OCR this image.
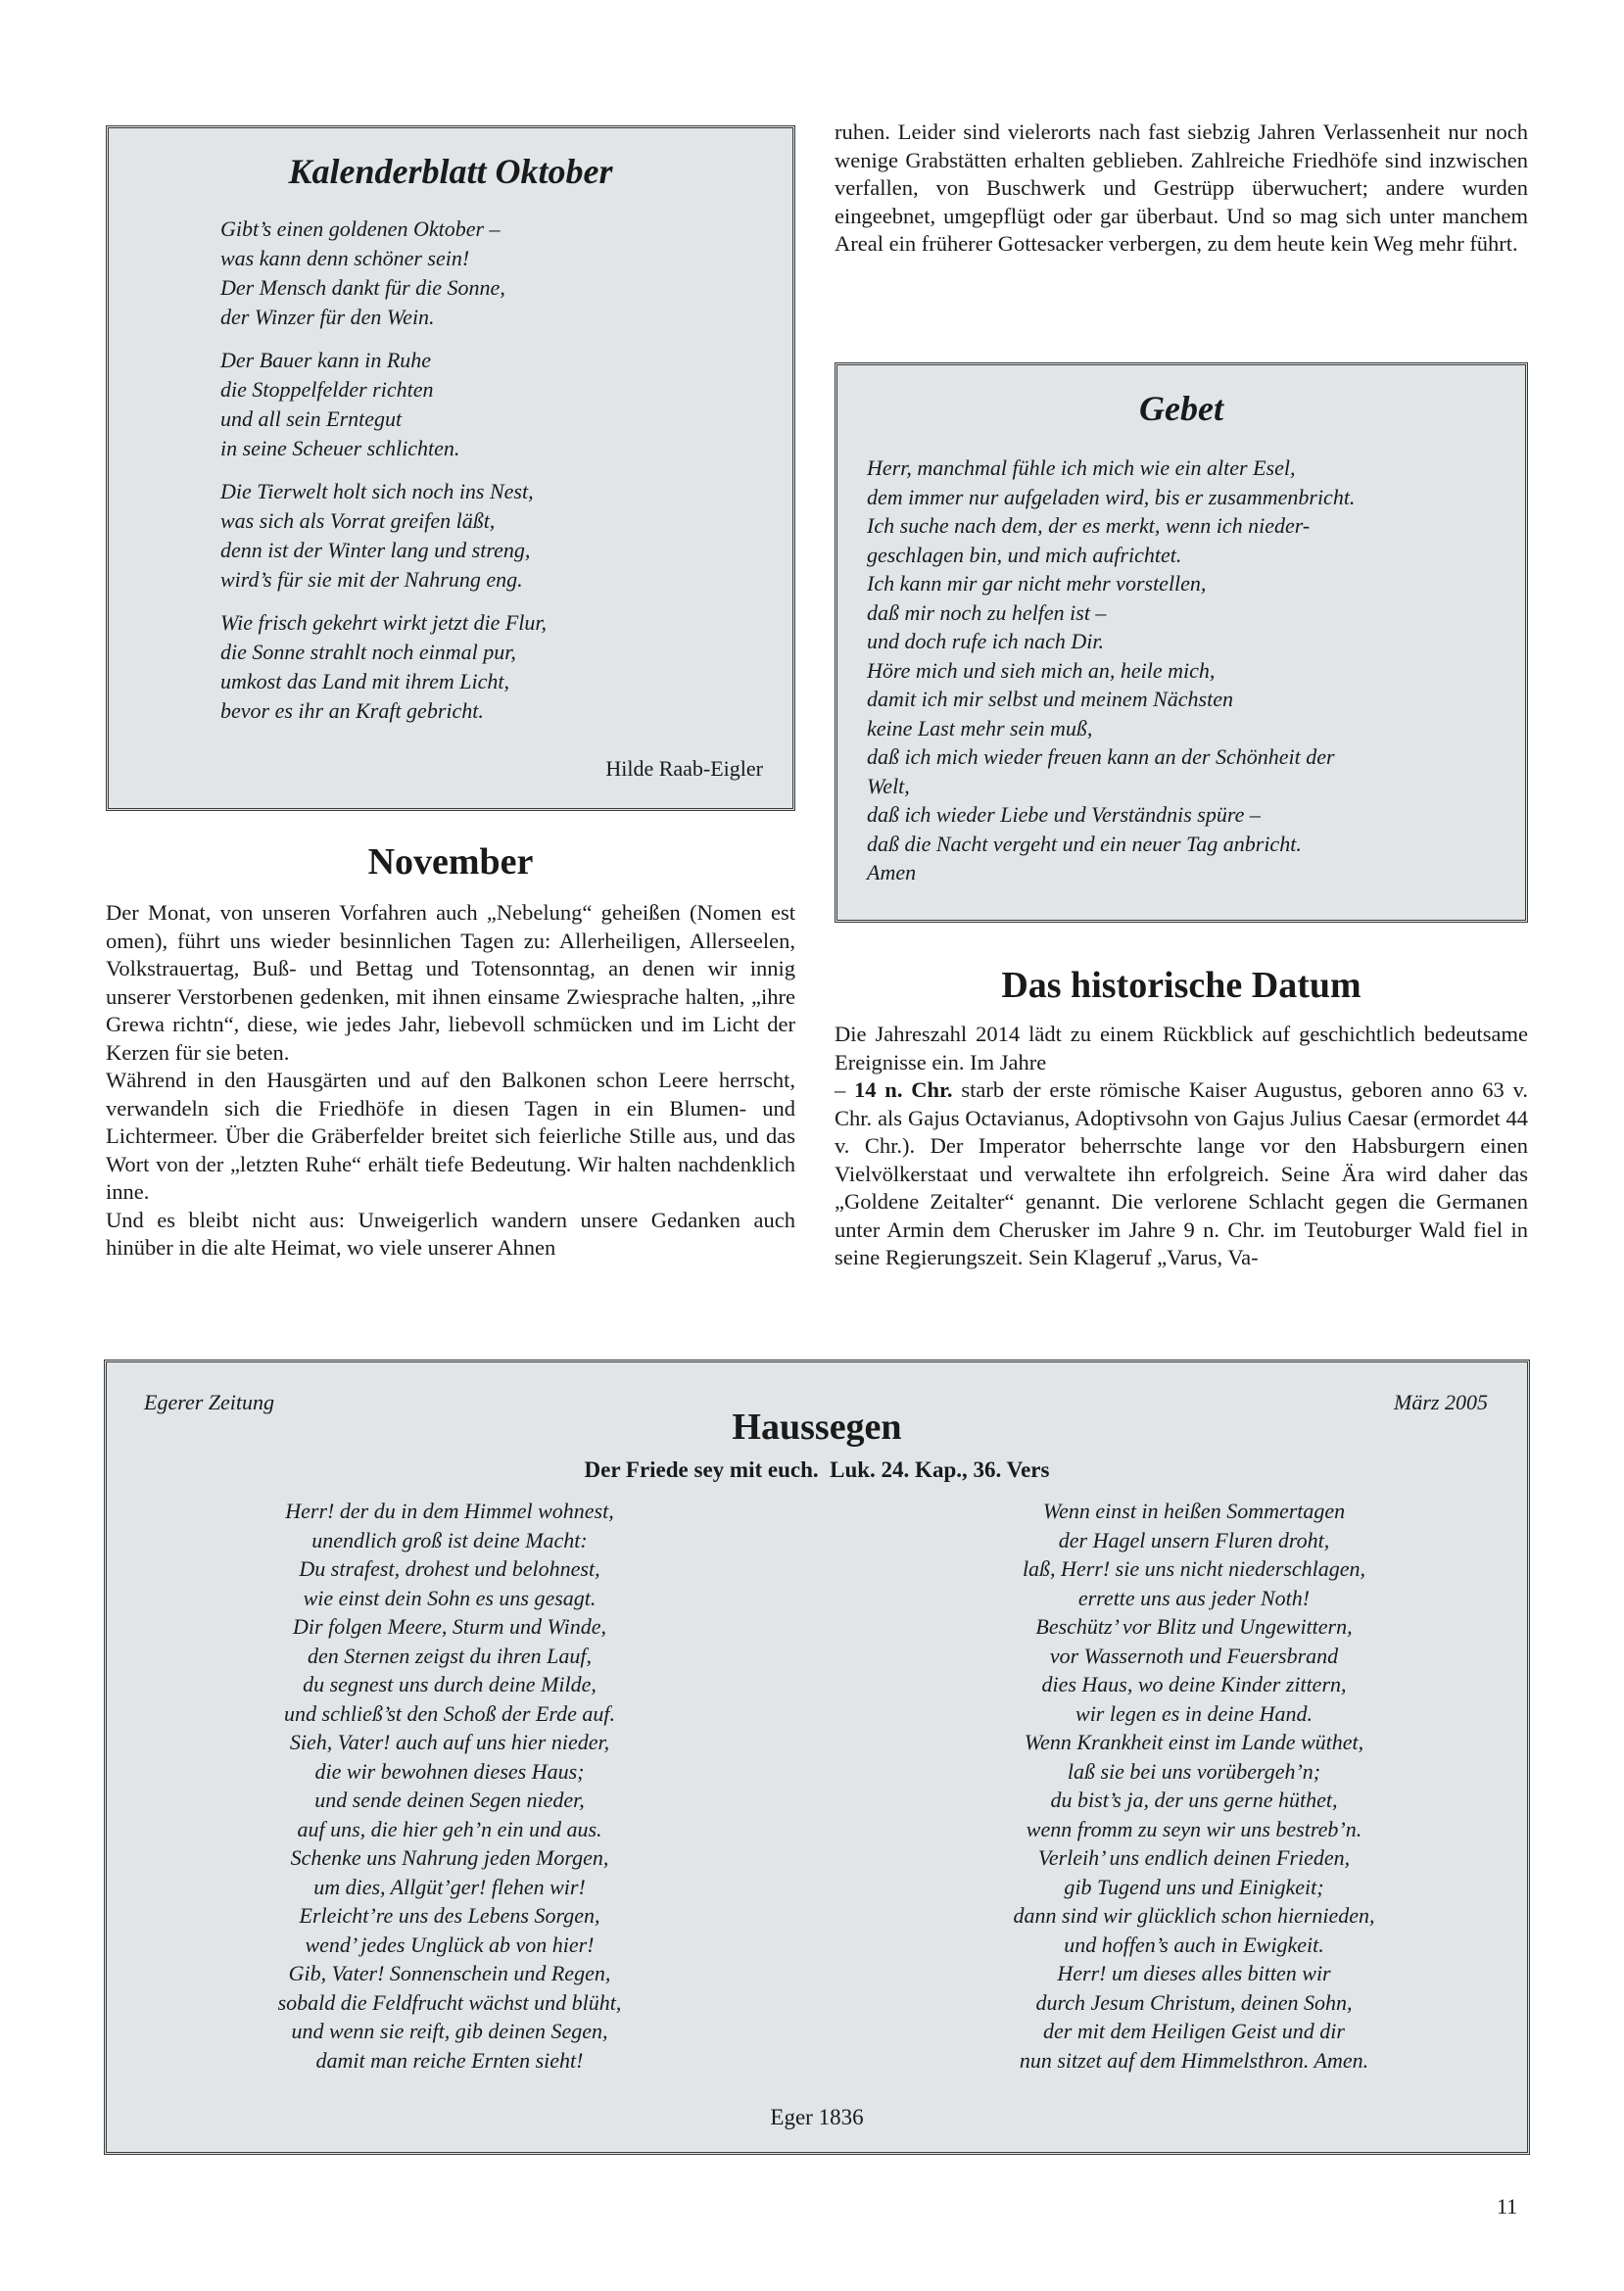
Kalenderblatt Oktober
Gibt’s einen goldenen Oktober –
was kann denn schöner sein!
Der Mensch dankt für die Sonne,
der Winzer für den Wein.
Der Bauer kann in Ruhe
die Stoppelfelder richten
und all sein Erntegut
in seine Scheuer schlichten.
Die Tierwelt holt sich noch ins Nest,
was sich als Vorrat greifen läßt,
denn ist der Winter lang und streng,
wird’s für sie mit der Nahrung eng.
Wie frisch gekehrt wirkt jetzt die Flur,
die Sonne strahlt noch einmal pur,
umkost das Land mit ihrem Licht,
bevor es ihr an Kraft gebricht.
Hilde Raab-Eigler
November

Der Monat, von unseren Vorfahren auch „Nebelung“ geheißen (Nomen est omen), führt uns wieder besinnlichen Tagen zu: Allerheiligen, Allerseelen, Volkstrauertag, Buß- und Bettag und Totensonntag, an denen wir innig unserer Verstorbenen gedenken, mit ihnen einsame Zwiesprache halten, „ihre Grewa richtn“, diese, wie jedes Jahr, liebevoll schmücken und im Licht der Kerzen für sie beten.

Während in den Hausgärten und auf den Balkonen schon Leere herrscht, verwandeln sich die Friedhöfe in diesen Tagen in ein Blumen- und Lichtermeer. Über die Gräberfelder breitet sich feierliche Stille aus, und das Wort von der „letzten Ruhe“ erhält tiefe Bedeutung. Wir halten nachdenklich inne.

Und es bleibt nicht aus: Unweigerlich wandern unsere Gedanken auch hinüber in die alte Heimat, wo viele unserer Ahnen

ruhen. Leider sind vielerorts nach fast siebzig Jahren Verlassenheit nur noch wenige Grabstätten erhalten geblieben. Zahlreiche Friedhöfe sind inzwischen verfallen, von Buschwerk und Gestrüpp überwuchert; andere wurden eingeebnet, umgepflügt oder gar überbaut. Und so mag sich unter manchem Areal ein früherer Gottesacker verbergen, zu dem heute kein Weg mehr führt.

Gebet
Herr, manchmal fühle ich mich wie ein alter Esel,
dem immer nur aufgeladen wird, bis er zusammenbricht.
Ich suche nach dem, der es merkt, wenn ich nieder-
geschlagen bin, und mich aufrichtet.
Ich kann mir gar nicht mehr vorstellen,
daß mir noch zu helfen ist –
und doch rufe ich nach Dir.
Höre mich und sieh mich an, heile mich,
damit ich mir selbst und meinem Nächsten
keine Last mehr sein muß,
daß ich mich wieder freuen kann an der Schönheit der
Welt,
daß ich wieder Liebe und Verständnis spüre –
daß die Nacht vergeht und ein neuer Tag anbricht.
Amen
Das historische Datum

Die Jahreszahl 2014 lädt zu einem Rückblick auf geschichtlich bedeutsame Ereignisse ein. Im Jahre

– 14 n. Chr. starb der erste römische Kaiser Augustus, geboren anno 63 v. Chr. als Gajus Octavianus, Adoptivsohn von Gajus Julius Caesar (ermordet 44 v. Chr.). Der Imperator beherrschte lange vor den Habsburgern einen Vielvölkerstaat und verwaltete ihn erfolgreich. Seine Ära wird daher das „Goldene Zeitalter“ genannt. Die verlorene Schlacht gegen die Germanen unter Armin dem Cherusker im Jahre 9 n. Chr. im Teutoburger Wald fiel in seine Regierungszeit. Sein Klageruf „Varus, Va-

Egerer Zeitung	März 2005
Haussegen
Der Friede sey mit euch.  Luk. 24. Kap., 36. Vers
Herr! der du in dem Himmel wohnest,
unendlich groß ist deine Macht:
Du strafest, drohest und belohnest,
wie einst dein Sohn es uns gesagt.
Dir folgen Meere, Sturm und Winde,
den Sternen zeigst du ihren Lauf,
du segnest uns durch deine Milde,
und schließ’st den Schoß der Erde auf.
Sieh, Vater! auch auf uns hier nieder,
die wir bewohnen dieses Haus;
und sende deinen Segen nieder,
auf uns, die hier geh’n ein und aus.
Schenke uns Nahrung jeden Morgen,
um dies, Allgüt’ger! flehen wir!
Erleicht’re uns des Lebens Sorgen,
wend’ jedes Unglück ab von hier!
Gib, Vater! Sonnenschein und Regen,
sobald die Feldfrucht wächst und blüht,
und wenn sie reift, gib deinen Segen,
damit man reiche Ernten sieht!
Wenn einst in heißen Sommertagen
der Hagel unsern Fluren droht,
laß, Herr! sie uns nicht niederschlagen,
errette uns aus jeder Noth!
Beschütz’ vor Blitz und Ungewittern,
vor Wassernoth und Feuersbrand
dies Haus, wo deine Kinder zittern,
wir legen es in deine Hand.
Wenn Krankheit einst im Lande wüthet,
laß sie bei uns vorübergeh’n;
du bist’s ja, der uns gerne hüthet,
wenn fromm zu seyn wir uns bestreb’n.
Verleih’ uns endlich deinen Frieden,
gib Tugend uns und Einigkeit;
dann sind wir glücklich schon hiernieden,
und hoffen’s auch in Ewigkeit.
Herr! um dieses alles bitten wir
durch Jesum Christum, deinen Sohn,
der mit dem Heiligen Geist und dir
nun sitzet auf dem Himmelsthron. Amen.
Eger 1836
11
